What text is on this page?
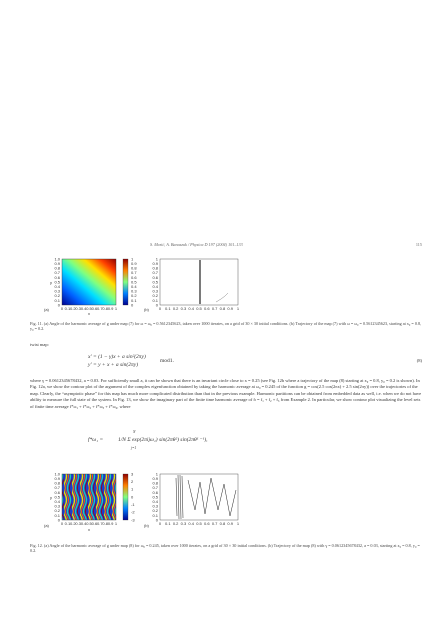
S. Mezić, A. Banaszuk / Physica D 197 (2004) 101–133	115
1.0
0.9
0.8
0.7
0.6
0.5
0.4
0.3
0.2
0.1
0
0 0.1 0.2 0.3 0.4 0.5 0.6 0.7 0.8 0.9 1
y
x
(a)
1
0.9
0.8
0.7
0.6
0.5
0.4
0.3
0.2
0.1
0
(b)
1
0.9
0.8
0.7
0.6
0.5
0.4
0.3
0.2
0.1
0
0 0.1 0.2 0.3 0.4 0.5 0.6 0.7 0.8 0.9 1
Fig. 11. (a) Angle of the harmonic average of g under map (7) for ω = ω₀ = 0.5612345623, taken over 1000 iterates, on a grid of 30 × 30 initial conditions. (b) Trajectory of the map (7) with ω = ω₀ = 0.5612345623, starting at x₀ = 0.8, y₀ = 0.2.
twist map:
x' = (1 − γ)x + a sin²(2πy)
y' = y + x + a sin(2πy)
mod1.	(8)
where γ = 0.0612345678432, a = 0.03. For sufficiently small a, it can be shown that there is an invariant circle close to x = 0.25 (see Fig. 12b where a trajectory of the map (8) starting at x₀ = 0.8, y₀ = 0.2 is shown). In Fig. 12a, we show the contour plot of the argument of the complex eigenfunction obtained by taking the harmonic average at ω₀ = 0.245 of the function g = cos(2.5 cos(2πx) + 2.5 sin(2πy)) over the trajectories of the map. Clearly, the “asymptotic phase” for this map has much more complicated distribution than that in the previous example. Harmonic partitions can be obtained from embedded data as well, i.e. when we do not have ability to measure the full state of the system. In Fig. 13, we show the imaginary part of the finite time harmonic average of fₜ = f₁ + f₂ + f₃ from Example 2. In particular, we show contour plot visualizing the level sets of finite time average f*ω₁ + f*ω₂ + f*ω₃ + f*ω₄, where
f*ω₁ =	1/N Σ exp(2πijω₁) sin(2πθ²) sin(2πθ¹ ⁻¹),
N
j=1
1.0
0.9
0.8
0.7
0.6
0.5
0.4
0.3
0.2
0.1
0
0 0.1 0.2 0.3 0.4 0.5 0.6 0.7 0.8 0.9 1
y
x
(a)
3
2
1
0
-1
-2
-3
(b)
1
0.9
0.8
0.7
0.6
0.5
0.4
0.3
0.2
0.1
0
0 0.1 0.2 0.3 0.4 0.5 0.6 0.7 0.8 0.9 1
Fig. 12. (a) Angle of the harmonic average of g under map (8) for ω₀ = 0.245, taken over 1000 iterates, on a grid of 30 × 30 initial conditions. (b) Trajectory of the map (8) with γ = 0.0612345678432, a = 0.03, starting at x₀ = 0.8, y₀ = 0.2.
